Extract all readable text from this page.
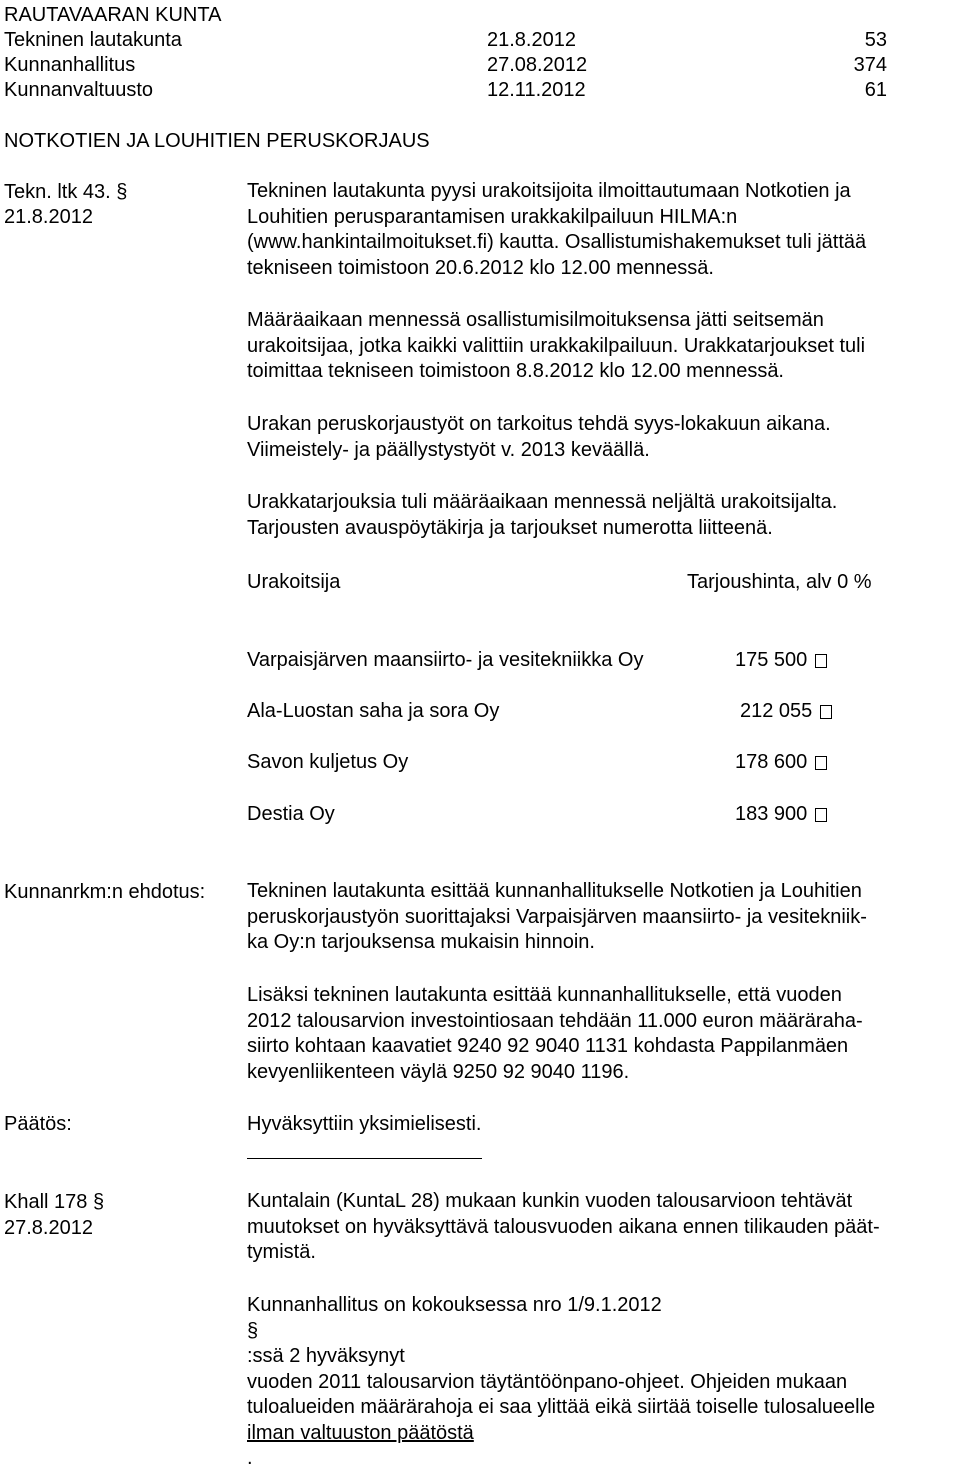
RAUTAVAARAN KUNTA
Tekninen lautakunta	21.8.2012	53
Kunnanhallitus	27.08.2012	374
Kunnanvaltuusto	12.11.2012	61
NOTKOTIEN JA LOUHITIEN PERUSKORJAUS
Tekn. ltk 43. §
21.8.2012
Tekninen lautakunta pyysi urakoitsijoita ilmoittautumaan Notkotien ja
Louhitien perusparantamisen urakkakilpailuun HILMA:n
(www.hankintailmoitukset.fi) kautta. Osallistumishakemukset tuli jättää
tekniseen toimistoon 20.6.2012 klo 12.00 mennessä.
Määräaikaan mennessä osallistumisilmoituksensa jätti seitsemän
urakoitsijaa, jotka kaikki valittiin urakkakilpailuun. Urakkatarjoukset tuli
toimittaa tekniseen toimistoon 8.8.2012 klo 12.00 mennessä.
Urakan peruskorjaustyöt on tarkoitus tehdä syys-lokakuun aikana.
Viimeistely- ja päällystystyöt v. 2013 keväällä.
Urakkatarjouksia tuli määräaikaan mennessä neljältä urakoitsijalta.
Tarjousten avauspöytäkirja ja tarjoukset numerotta liitteenä.
Urakoitsija	Tarjoushinta, alv 0 %
Varpaisjärven maansiirto- ja vesitekniikka Oy	175 500
Ala-Luostan saha ja sora Oy	212 055
Savon kuljetus Oy	178 600
Destia Oy	183 900
Kunnanrkm:n ehdotus: Tekninen lautakunta esittää kunnanhallitukselle Notkotien ja Louhitien
peruskorjaustyön suorittajaksi Varpaisjärven maansiirto- ja vesitekniik-
ka Oy:n tarjouksensa mukaisin hinnoin.
Lisäksi tekninen lautakunta esittää kunnanhallitukselle, että vuoden
2012 talousarvion investointiosaan tehdään 11.000 euron määräraha-
siirto kohtaan kaavatiet 9240 92 9040 1131 kohdasta Pappilanmäen
kevyenliikenteen väylä 9250 92 9040 1196.
Päätös:	Hyväksyttiin yksimielisesti.
Khall 178 §
27.8.2012
Kuntalain (KuntaL 28) mukaan kunkin vuoden talousarvioon tehtävät
muutokset on hyväksyttävä talousvuoden aikana ennen tilikauden päät-
tymistä.
Kunnanhallitus on kokouksessa nro 1/9.1.2012
§
:ssä 2 hyväksynyt
vuoden 2011 talousarvion täytäntöönpano-ohjeet. Ohjeiden mukaan
tuloalueiden määrärahoja ei saa ylittää eikä siirtää toiselle tulosalueelle
ilman valtuuston päätöstä
.
